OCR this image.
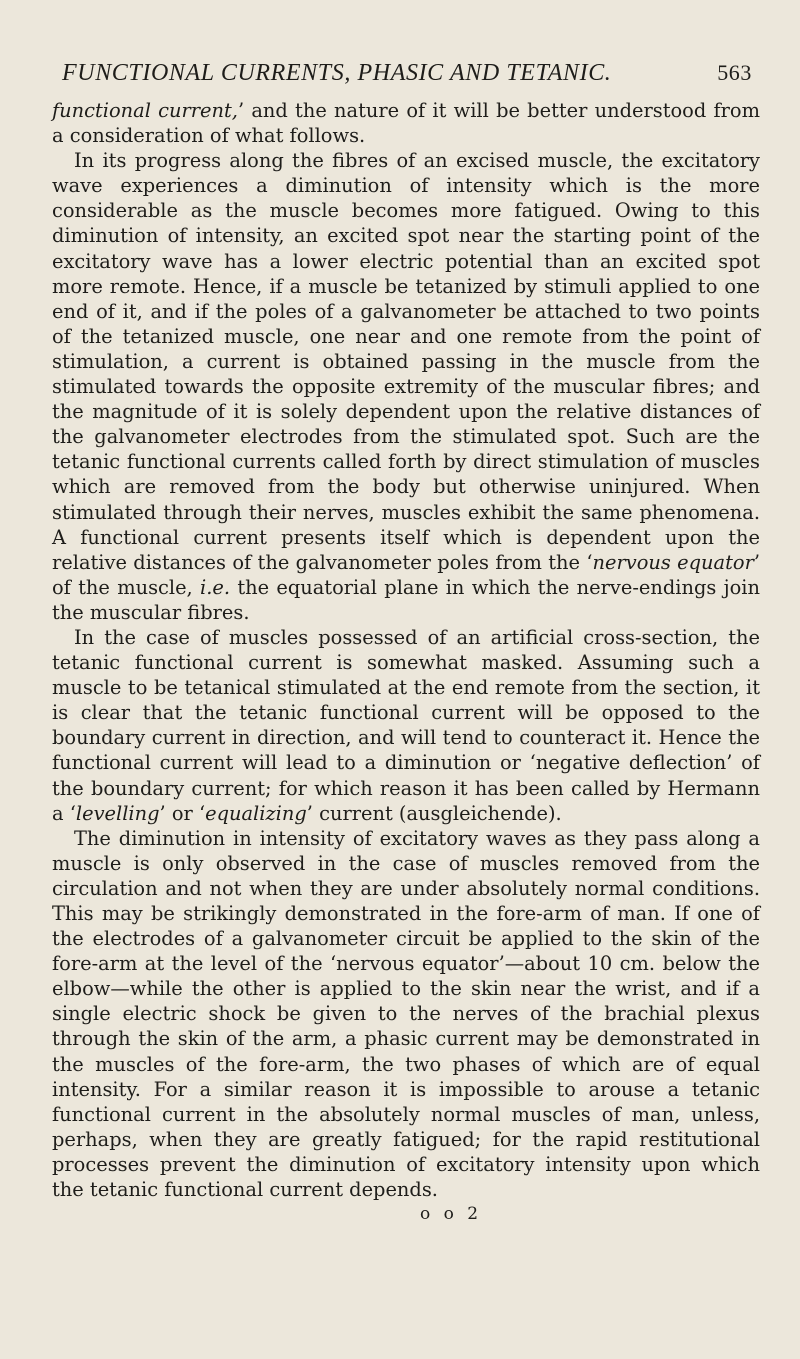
FUNCTIONAL CURRENTS, PHASIC AND TETANIC.	563

functional current,’ and the nature of it will be better understood from a consideration of what follows.

In its progress along the fibres of an excised muscle, the excitatory wave experiences a diminution of intensity which is the more considerable as the muscle becomes more fatigued. Owing to this diminution of intensity, an excited spot near the starting point of the excitatory wave has a lower electric potential than an excited spot more remote. Hence, if a muscle be tetanized by stimuli applied to one end of it, and if the poles of a galvanometer be attached to two points of the tetanized muscle, one near and one remote from the point of stimulation, a current is obtained passing in the muscle from the stimulated towards the opposite extremity of the muscular fibres; and the magnitude of it is solely dependent upon the relative distances of the galvanometer electrodes from the stimulated spot. Such are the tetanic functional currents called forth by direct stimulation of muscles which are removed from the body but otherwise uninjured. When stimulated through their nerves, muscles exhibit the same phenomena. A functional current presents itself which is dependent upon the relative distances of the galvanometer poles from the ‘nervous equator’ of the muscle, i.e. the equatorial plane in which the nerve-endings join the muscular fibres.

In the case of muscles possessed of an artificial cross-section, the tetanic functional current is somewhat masked. Assuming such a muscle to be tetanical stimulated at the end remote from the section, it is clear that the tetanic functional current will be opposed to the boundary current in direction, and will tend to counteract it. Hence the functional current will lead to a diminution or ‘negative deflection’ of the boundary current; for which reason it has been called by Hermann a ‘levelling’ or ‘equalizing’ current (ausgleichende).

The diminution in intensity of excitatory waves as they pass along a muscle is only observed in the case of muscles removed from the circulation and not when they are under absolutely normal conditions. This may be strikingly demonstrated in the fore-arm of man. If one of the electrodes of a galvanometer circuit be applied to the skin of the fore-arm at the level of the ‘nervous equator’—about 10 cm. below the elbow—while the other is applied to the skin near the wrist, and if a single electric shock be given to the nerves of the brachial plexus through the skin of the arm, a phasic current may be demonstrated in the muscles of the fore-arm, the two phases of which are of equal intensity. For a similar reason it is impossible to arouse a tetanic functional current in the absolutely normal muscles of man, unless, perhaps, when they are greatly fatigued; for the rapid restitutional processes prevent the diminution of excitatory intensity upon which the tetanic functional current depends.

o o 2
